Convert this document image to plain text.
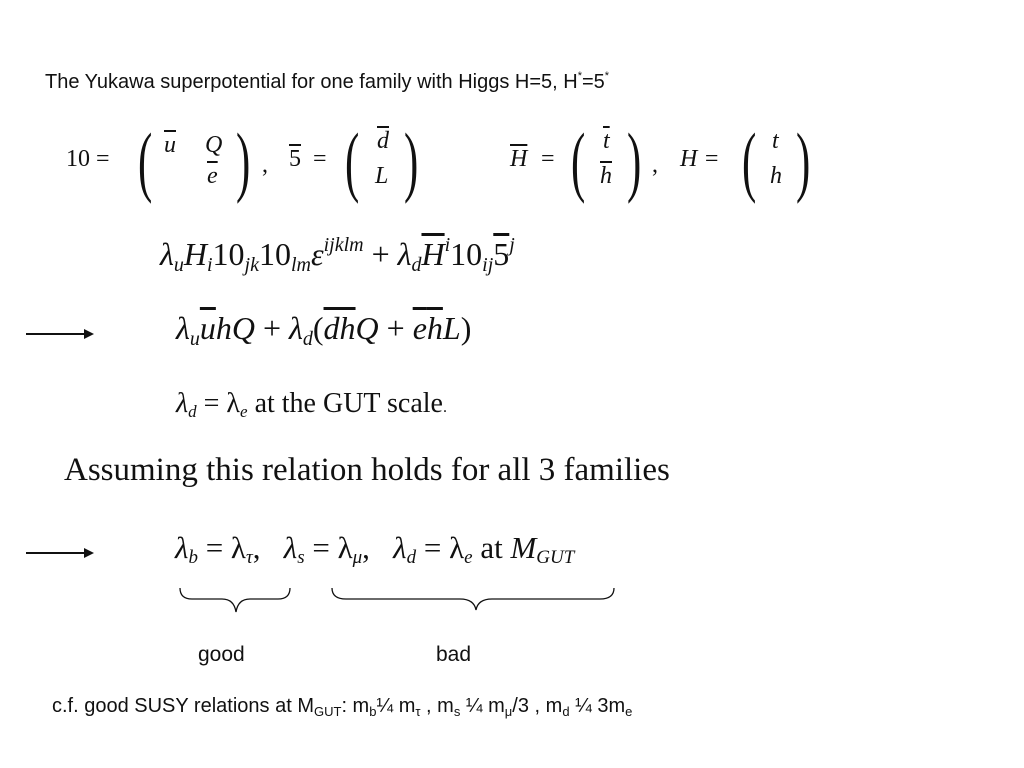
The Yukawa superpotential for one family with Higgs H=5, H*=5*
10 = ( $\overline{u}$ Q
$\overline{e}$ ) , 5 = ( $\overline{d}$
L )	$\overline{H}$ = ( $\overline{t}$
$\overline{h}$ ) , H = ( t
h )
$\lambda_uH_i10_{jk}10_{lm}\varepsilon^{ijklm} + \lambda_d\overline{H}^i10_{ij}5^j$
$\lambda_u\overline{u}hQ + \lambda_d(\overline{dh}Q + \overline{e}\overline{h}L)$
$\lambda_d = \lambda_e$ at the GUT scale.
Assuming this relation holds for all 3 families
$\lambda_b = \lambda_\tau$, $\lambda_s = \lambda_\mu$, $\lambda_d = \lambda_e$ at $M_{GUT}$
good	bad
c.f. good SUSY relations at $M_{GUT}$: $m_b\frac{1}{4}$ $m_\tau$ , $m_s$ ¼ $m_\mu/3$ , $m_d$ ¼ $3m_e$
